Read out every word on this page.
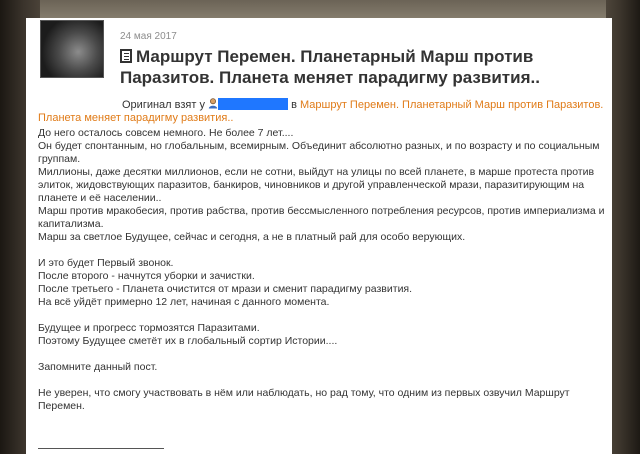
24 мая 2017
Маршрут Перемен. Планетарный Марш против Паразитов. Планета меняет парадигму развития..
Оригинал взят у	в Маршрут Перемен. Планетарный Марш против Паразитов. Планета меняет парадигму развития..

До него осталось совсем немного. Не более 7 лет....

Он будет спонтанным, но глобальным, всемирным. Объединит абсолютно разных, и по возрасту и по социальным группам.

Миллионы, даже десятки миллионов, если не сотни, выйдут на улицы по всей планете, в марше протеста против элиток, жидовствующих паразитов, банкиров, чиновников и другой управленческой мрази, паразитирующим на планете и её населении..

Марш против мракобесия, против рабства, против бессмысленного потребления ресурсов, против империализма и капитализма.

Марш за светлое Будущее, сейчас и сегодня, а не в платный рай для особо верующих.

И это будет Первый звонок.

После второго - начнутся уборки и зачистки.

После третьего - Планета очистится от мрази и сменит парадигму развития.

На всё уйдёт примерно 12 лет, начиная с данного момента.

Будущее и прогресс тормозятся Паразитами.

Поэтому Будущее сметёт их в глобальный сортир Истории....

Запомните данный пост.

Не уверен, что смогу участвовать в нём или наблюдать, но рад тому, что одним из первых озвучил Маршрут Перемен.
